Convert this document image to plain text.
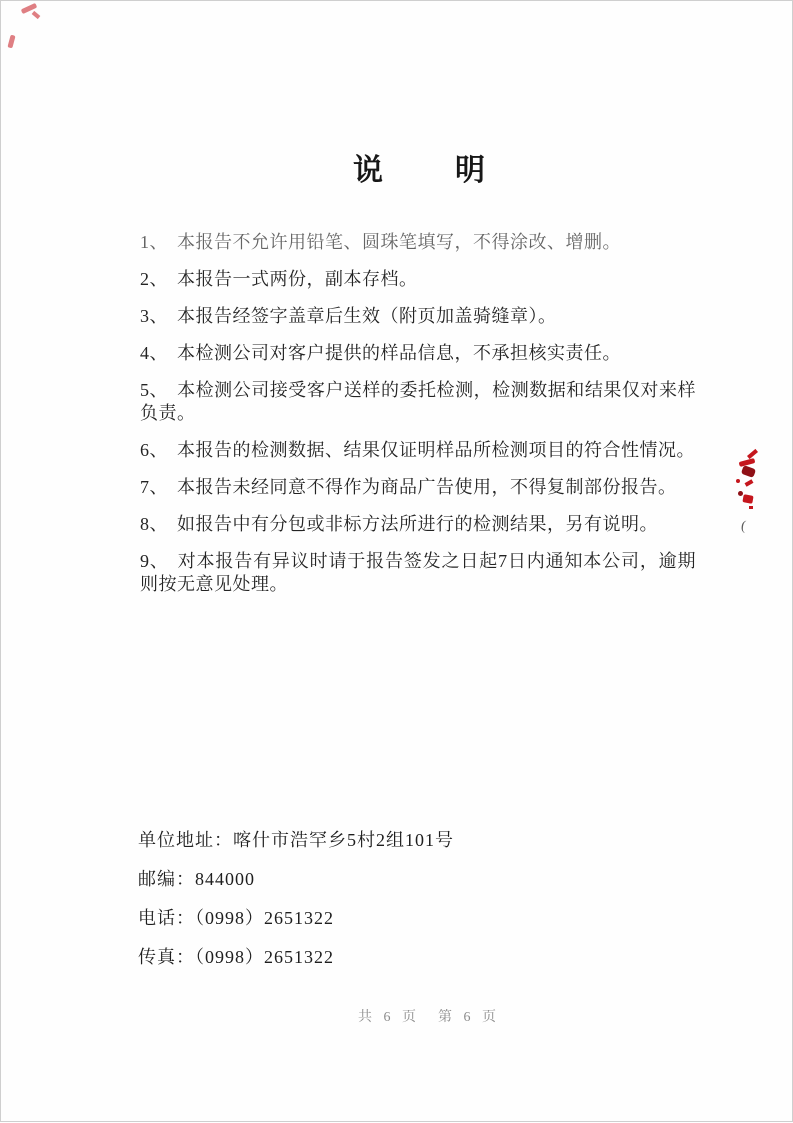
说 明
1、 本报告不允许用铅笔、圆珠笔填写，不得涂改、增删。
2、 本报告一式两份，副本存档。
3、 本报告经签字盖章后生效（附页加盖骑缝章）。
4、 本检测公司对客户提供的样品信息，不承担核实责任。
5、 本检测公司接受客户送样的委托检测，检测数据和结果仅对来样负责。
6、 本报告的检测数据、结果仅证明样品所检测项目的符合性情况。
7、 本报告未经同意不得作为商品广告使用，不得复制部份报告。
8、 如报告中有分包或非标方法所进行的检测结果，另有说明。
9、 对本报告有异议时请于报告签发之日起7日内通知本公司，逾期则按无意见处理。
单位地址：喀什市浩罕乡5村2组101号
邮编：844000
电话：（0998）2651322
传真：（0998）2651322
共 6 页 第 6 页
(
